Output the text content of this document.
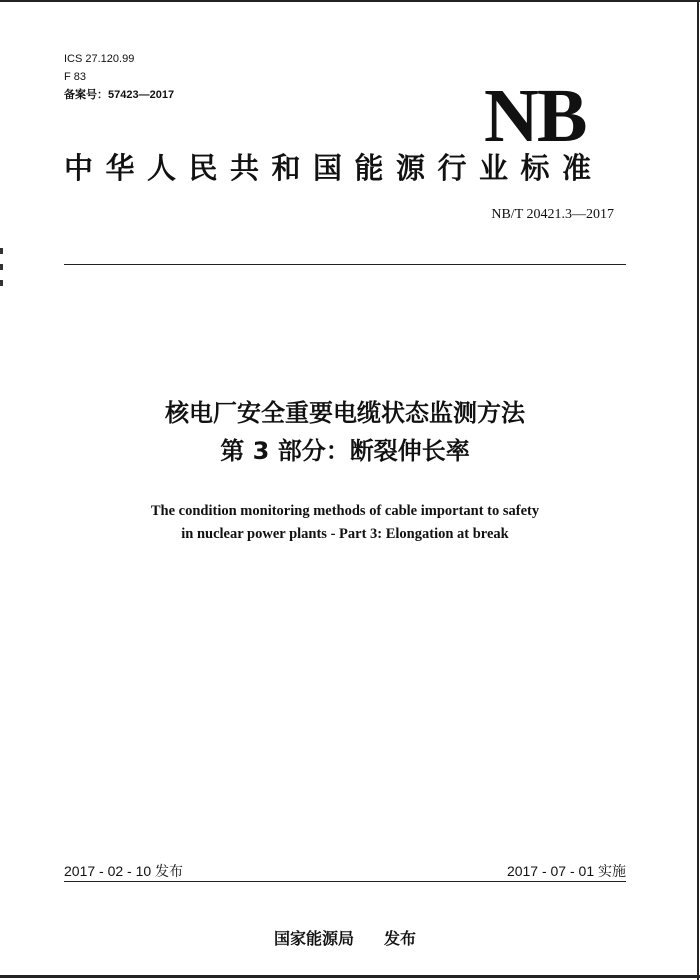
ICS 27.120.99
F 83
备案号：57423—2017	NB
中华人民共和国能源行业标准
NB/T 20421.3—2017
核电厂安全重要电缆状态监测方法
第 3 部分：断裂伸长率
The condition monitoring methods of cable important to safety
in nuclear power plants - Part 3: Elongation at break
2017 - 02 - 10 发布	2017 - 07 - 01 实施
国家能源局 发布
